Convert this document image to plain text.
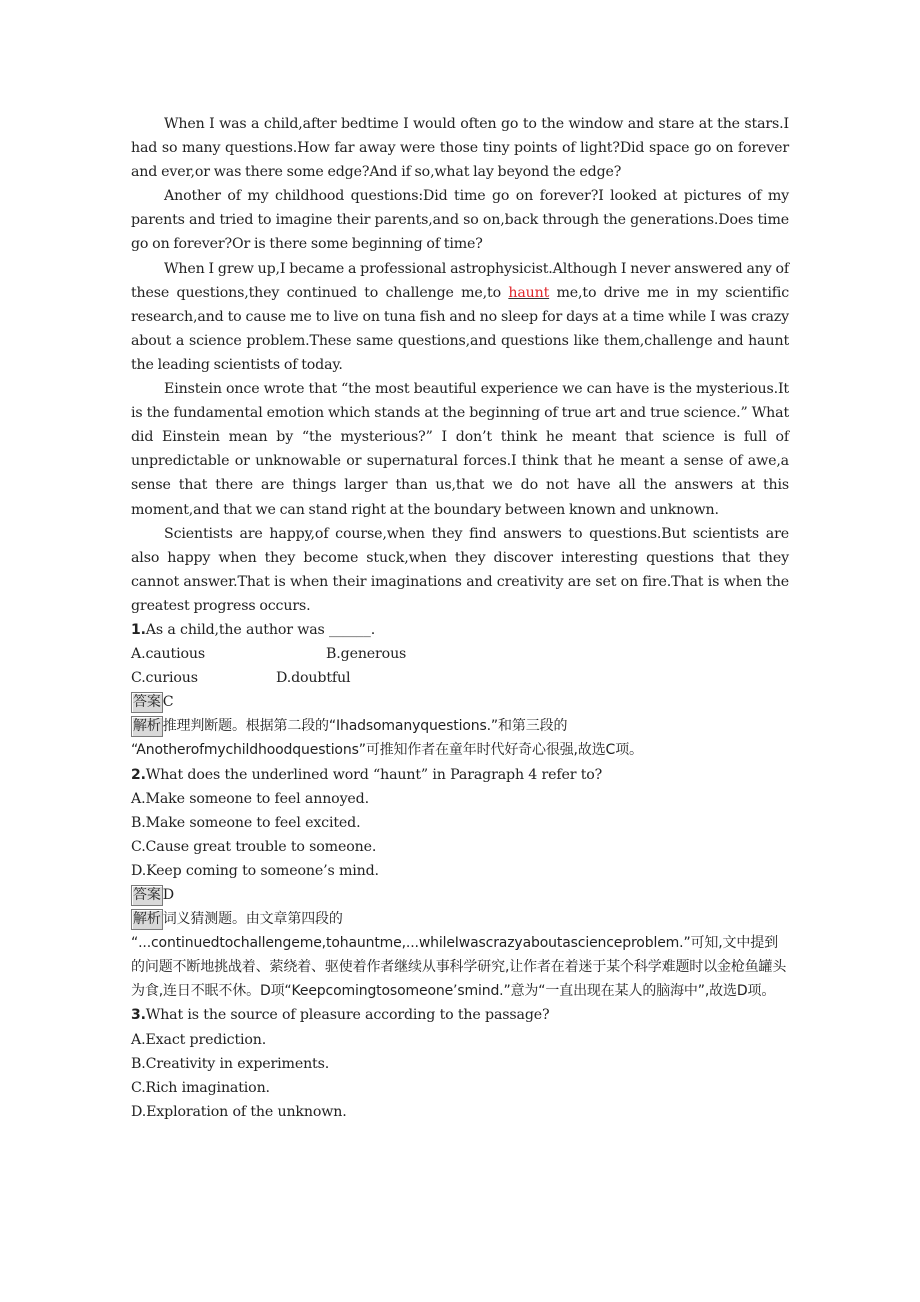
When I was a child,after bedtime I would often go to the window and stare at the stars.I had so many questions.How far away were those tiny points of light?Did space go on forever and ever,or was there some edge?And if so,what lay beyond the edge?

Another of my childhood questions:Did time go on forever?I looked at pictures of my parents and tried to imagine their parents,and so on,back through the generations.Does time go on forever?Or is there some beginning of time?

When I grew up,I became a professional astrophysicist.Although I never answered any of these questions,they continued to challenge me,to haunt me,to drive me in my scientific research,and to cause me to live on tuna fish and no sleep for days at a time while I was crazy about a science problem.These same questions,and questions like them,challenge and haunt the leading scientists of today.

Einstein once wrote that “the most beautiful experience we can have is the mysterious.It is the fundamental emotion which stands at the beginning of true art and true science.” What did Einstein mean by “the mysterious?” I don’t think he meant that science is full of unpredictable or unknowable or supernatural forces.I think that he meant a sense of awe,a sense that there are things larger than us,that we do not have all the answers at this moment,and that we can stand right at the boundary between known and unknown.

Scientists are happy,of course,when they find answers to questions.But scientists are also happy when they become stuck,when they discover interesting questions that they cannot answer.That is when their imaginations and creativity are set on fire.That is when the greatest progress occurs.

1.As a child,the author was ______.

A.cautious	B.generous
C.curious	D.doubtful

答案 C

解析 推理判断题。根据第二段的“Ihadsomanyquestions.”和第三段的

“Anotherofmychildhoodquestions”可推知作者在童年时代好奇心很强,故选C项。

2.What does the underlined word “haunt” in Paragraph 4 refer to?

A.Make someone to feel annoyed.

B.Make someone to feel excited.

C.Cause great trouble to someone.

D.Keep coming to someone’s mind.

答案 D

解析 词义猜测题。由文章第四段的

“...continuedtochallengeme,tohauntme,...whileIwascrazyaboutascienceproblem.”可知,文中提到的问题不断地挑战着、萦绕着、驱使着作者继续从事科学研究,让作者在着迷于某个科学难题时以金枪鱼罐头为食,连日不眠不休。D项“Keepcomingtosomeone’smind.”意为“一直出现在某人的脑海中”,故选D项。

3.What is the source of pleasure according to the passage?

A.Exact prediction.

B.Creativity in experiments.

C.Rich imagination.

D.Exploration of the unknown.
